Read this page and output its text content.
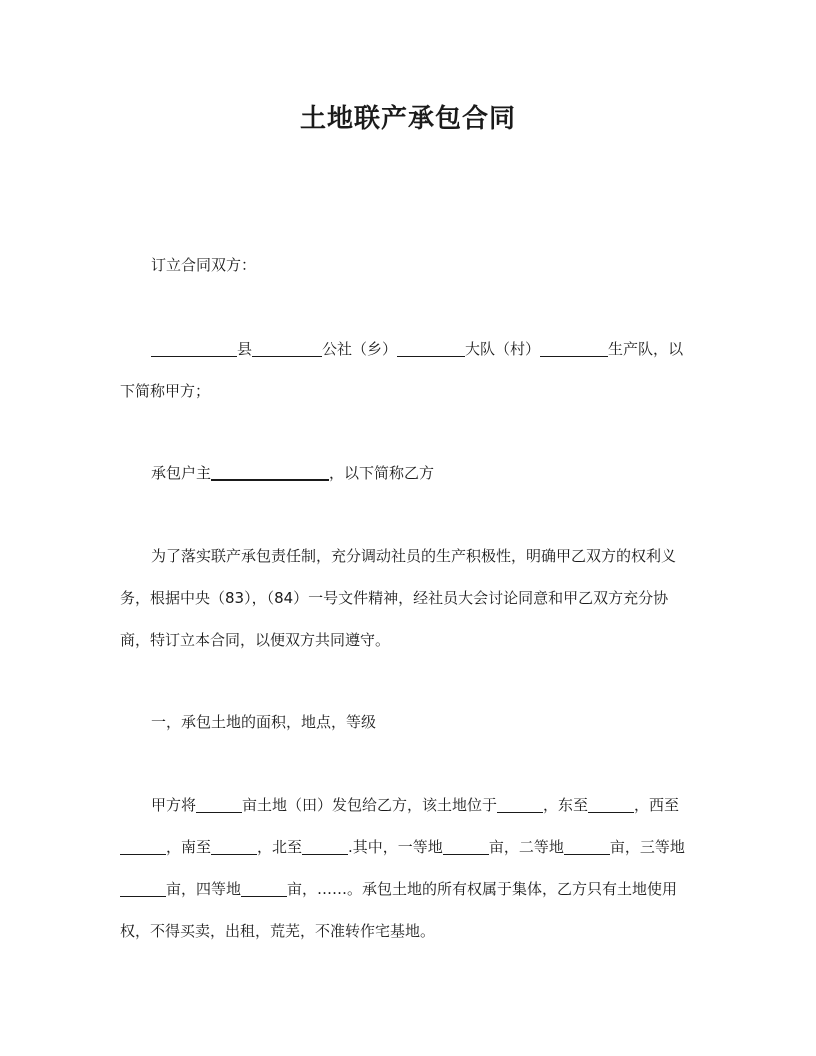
土地联产承包合同

订立合同双方：

县	公社（乡）	大队（村）	生产队，以下简称甲方；

承包户主	，以下简称乙方

为了落实联产承包责任制，充分调动社员的生产积极性，明确甲乙双方的权利义务，根据中央（83），（84）一号文件精神，经社员大会讨论同意和甲乙双方充分协商，特订立本合同，以便双方共同遵守。

一，承包土地的面积，地点，等级

甲方将	亩土地（田）发包给乙方，该土地位于	，东至	，西至，南至	，北至	.其中，一等地	亩，二等地	亩，三等地亩，四等地	亩，……。承包土地的所有权属于集体，乙方只有土地使用权，不得买卖，出租，荒芜，不准转作宅基地。
